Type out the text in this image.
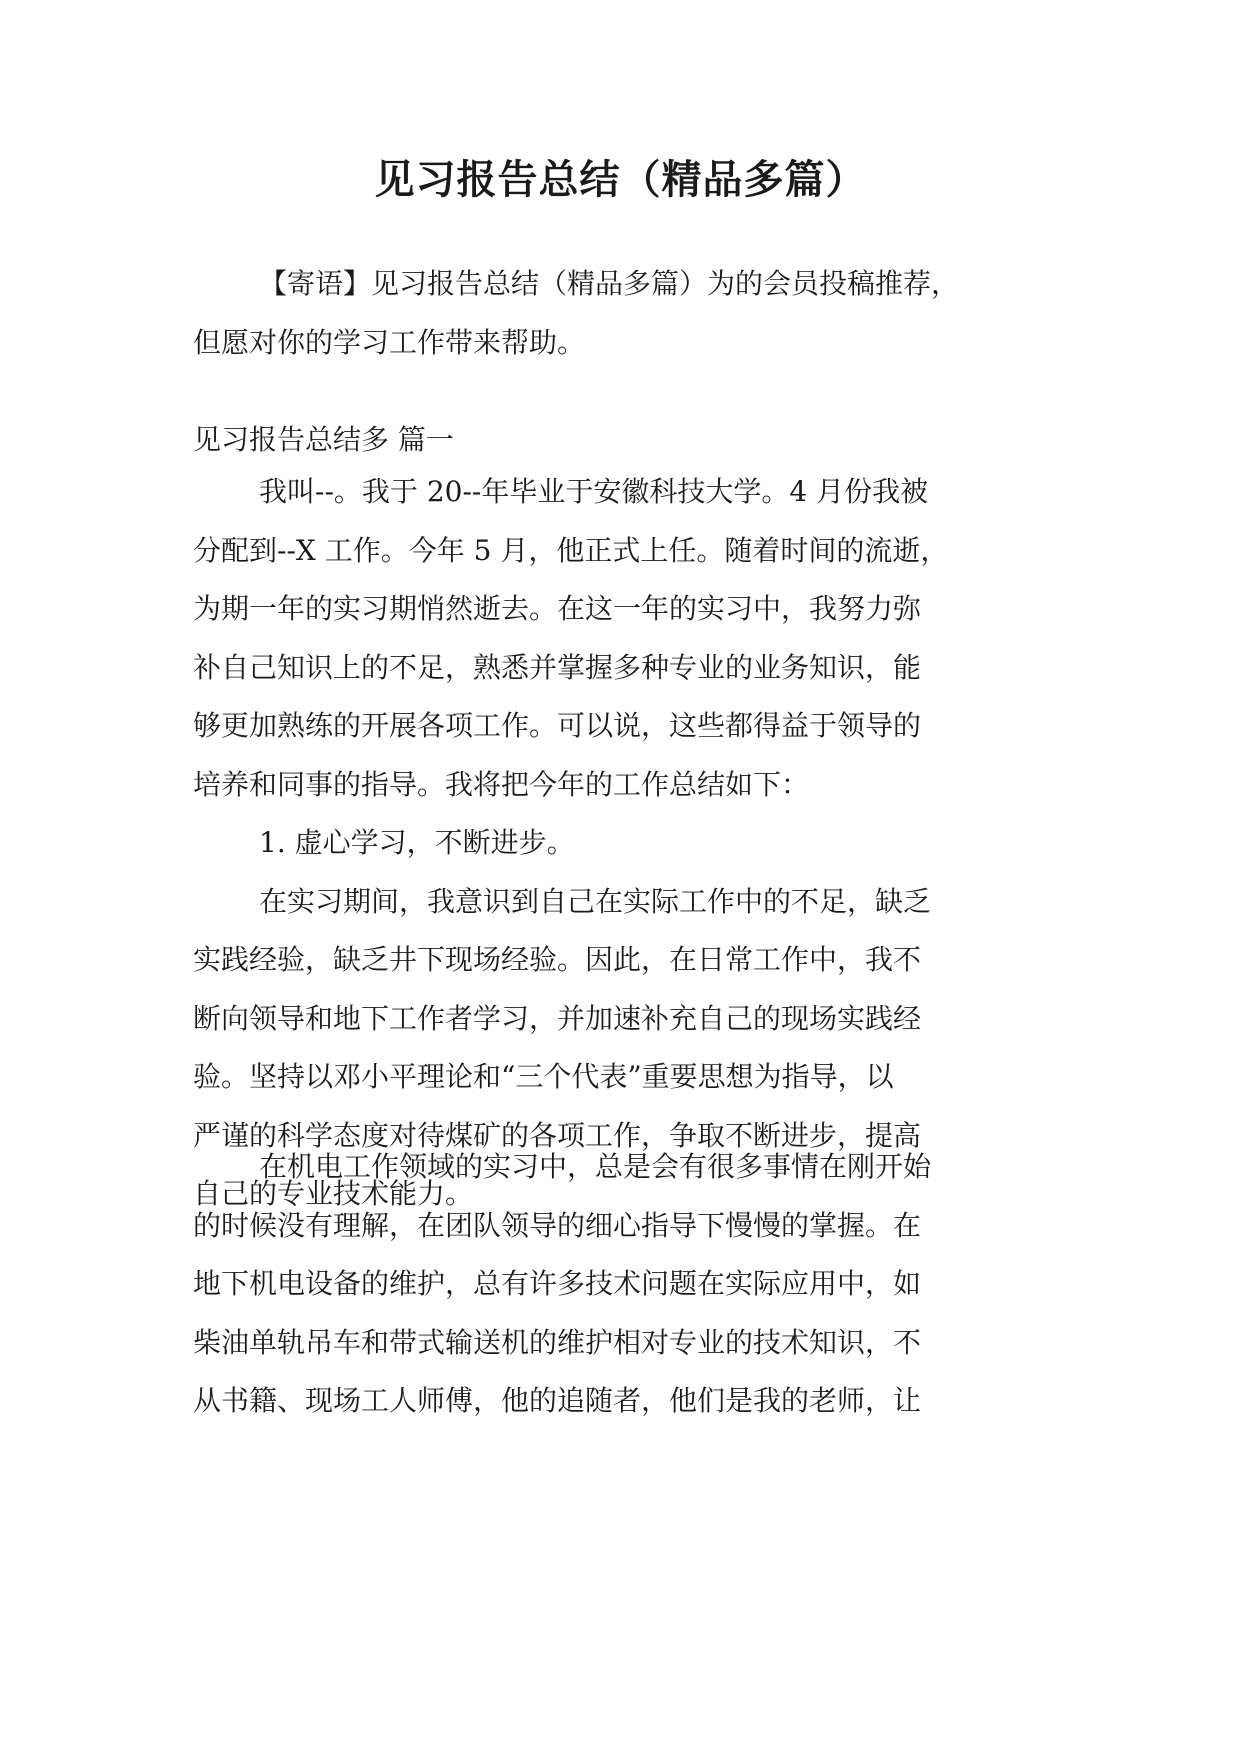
见习报告总结（精品多篇）
【寄语】见习报告总结（精品多篇）为的会员投稿推荐，
但愿对你的学习工作带来帮助。
见习报告总结多 篇一
我叫--。我于 20--年毕业于安徽科技大学。4 月份我被
分配到--X 工作。今年 5 月，他正式上任。随着时间的流逝，
为期一年的实习期悄然逝去。在这一年的实习中，我努力弥
补自己知识上的不足，熟悉并掌握多种专业的业务知识，能
够更加熟练的开展各项工作。可以说，这些都得益于领导的
培养和同事的指导。我将把今年的工作总结如下：
1. 虚心学习，不断进步。
在实习期间，我意识到自己在实际工作中的不足，缺乏
实践经验，缺乏井下现场经验。因此，在日常工作中，我不
断向领导和地下工作者学习，并加速补充自己的现场实践经
验。坚持以邓小平理论和“三个代表”重要思想为指导，以
严谨的科学态度对待煤矿的各项工作，争取不断进步，提高
自己的专业技术能力。
在机电工作领域的实习中，总是会有很多事情在刚开始
的时候没有理解，在团队领导的细心指导下慢慢的掌握。在
地下机电设备的维护，总有许多技术问题在实际应用中，如
柴油单轨吊车和带式输送机的维护相对专业的技术知识，不
从书籍、现场工人师傅，他的追随者，他们是我的老师，让
